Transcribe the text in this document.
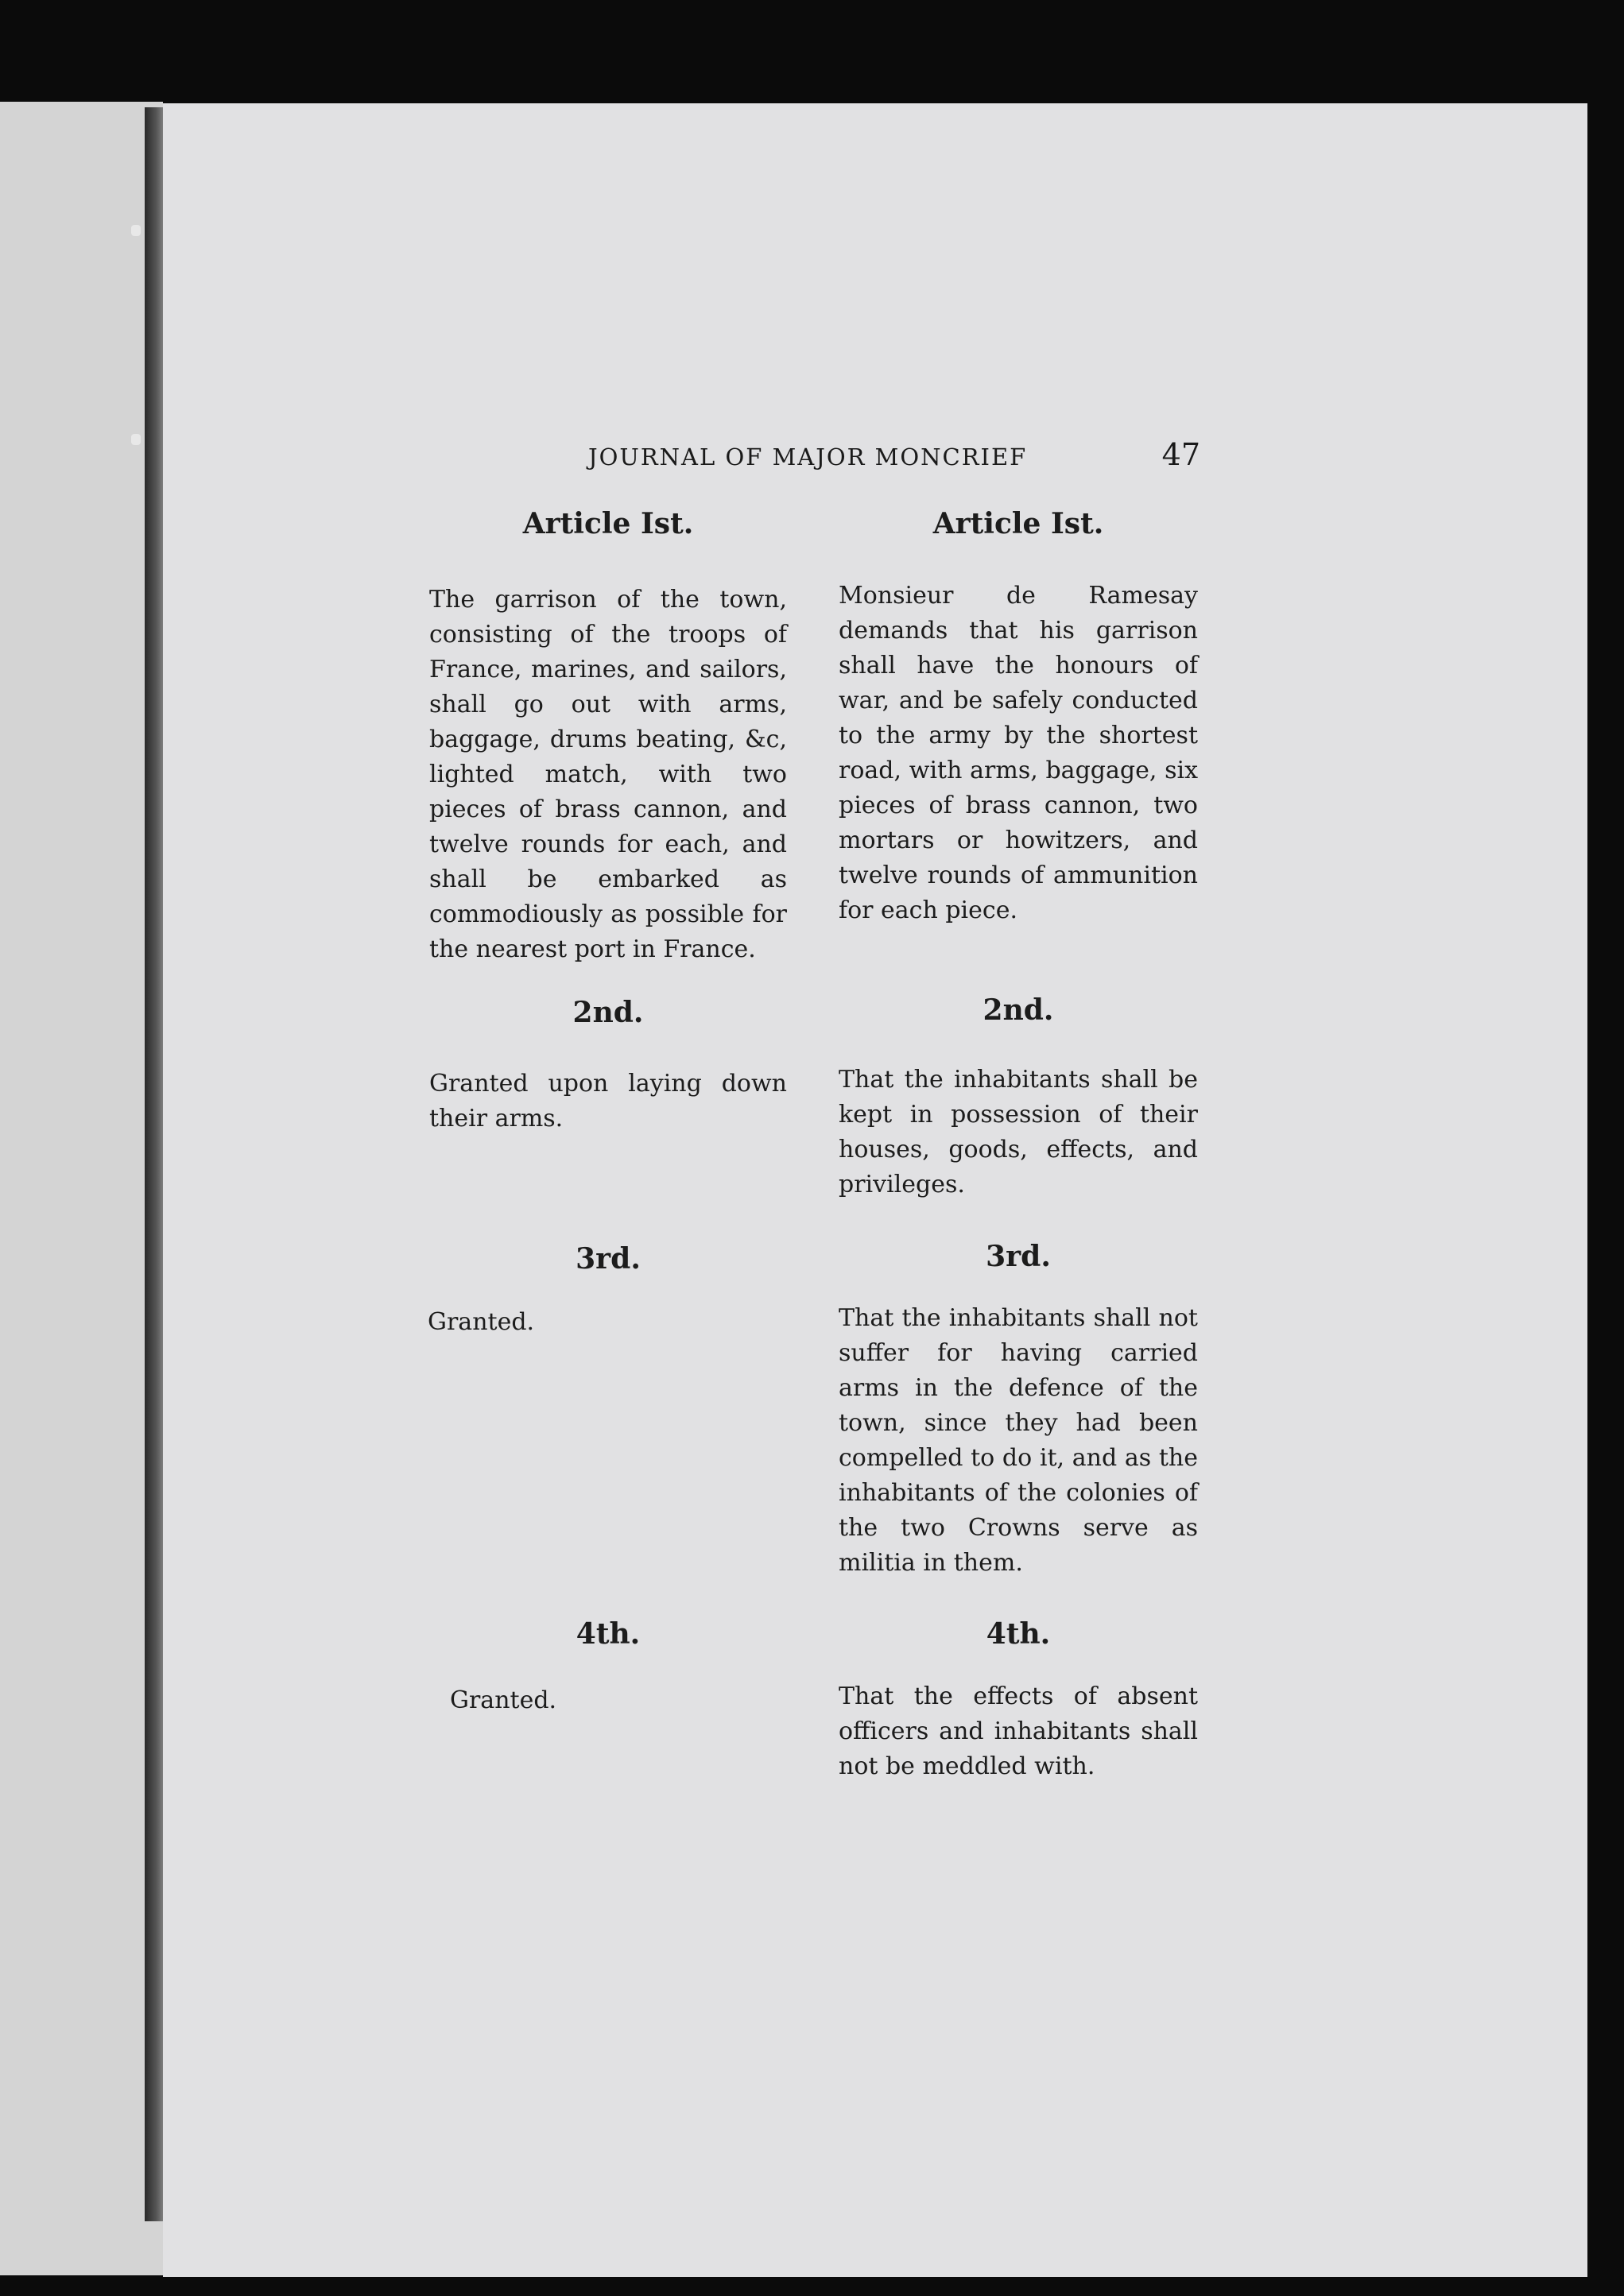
JOURNAL OF MAJOR MONCRIEF	47
Article Ist.
The garrison of the town, consisting of the troops of France, marines, and sailors, shall go out with arms, baggage, drums beating, &c, lighted match, with two pieces of brass cannon, and twelve rounds for each, and shall be embarked as commodiously as possible for the nearest port in France.
2nd.
Granted upon laying down their arms.
3rd.
Granted.
4th.
Granted.
Article Ist.
Monsieur de Ramesay demands that his garrison shall have the honours of war, and be safely conducted to the army by the shortest road, with arms, baggage, six pieces of brass cannon, two mortars or howitzers, and twelve rounds of ammunition for each piece.
2nd.
That the inhabitants shall be kept in possession of their houses, goods, effects, and privileges.
3rd.
That the inhabitants shall not suffer for having carried arms in the defence of the town, since they had been compelled to do it, and as the inhabitants of the colonies of the two Crowns serve as militia in them.
4th.
That the effects of absent officers and inhabitants shall not be meddled with.
